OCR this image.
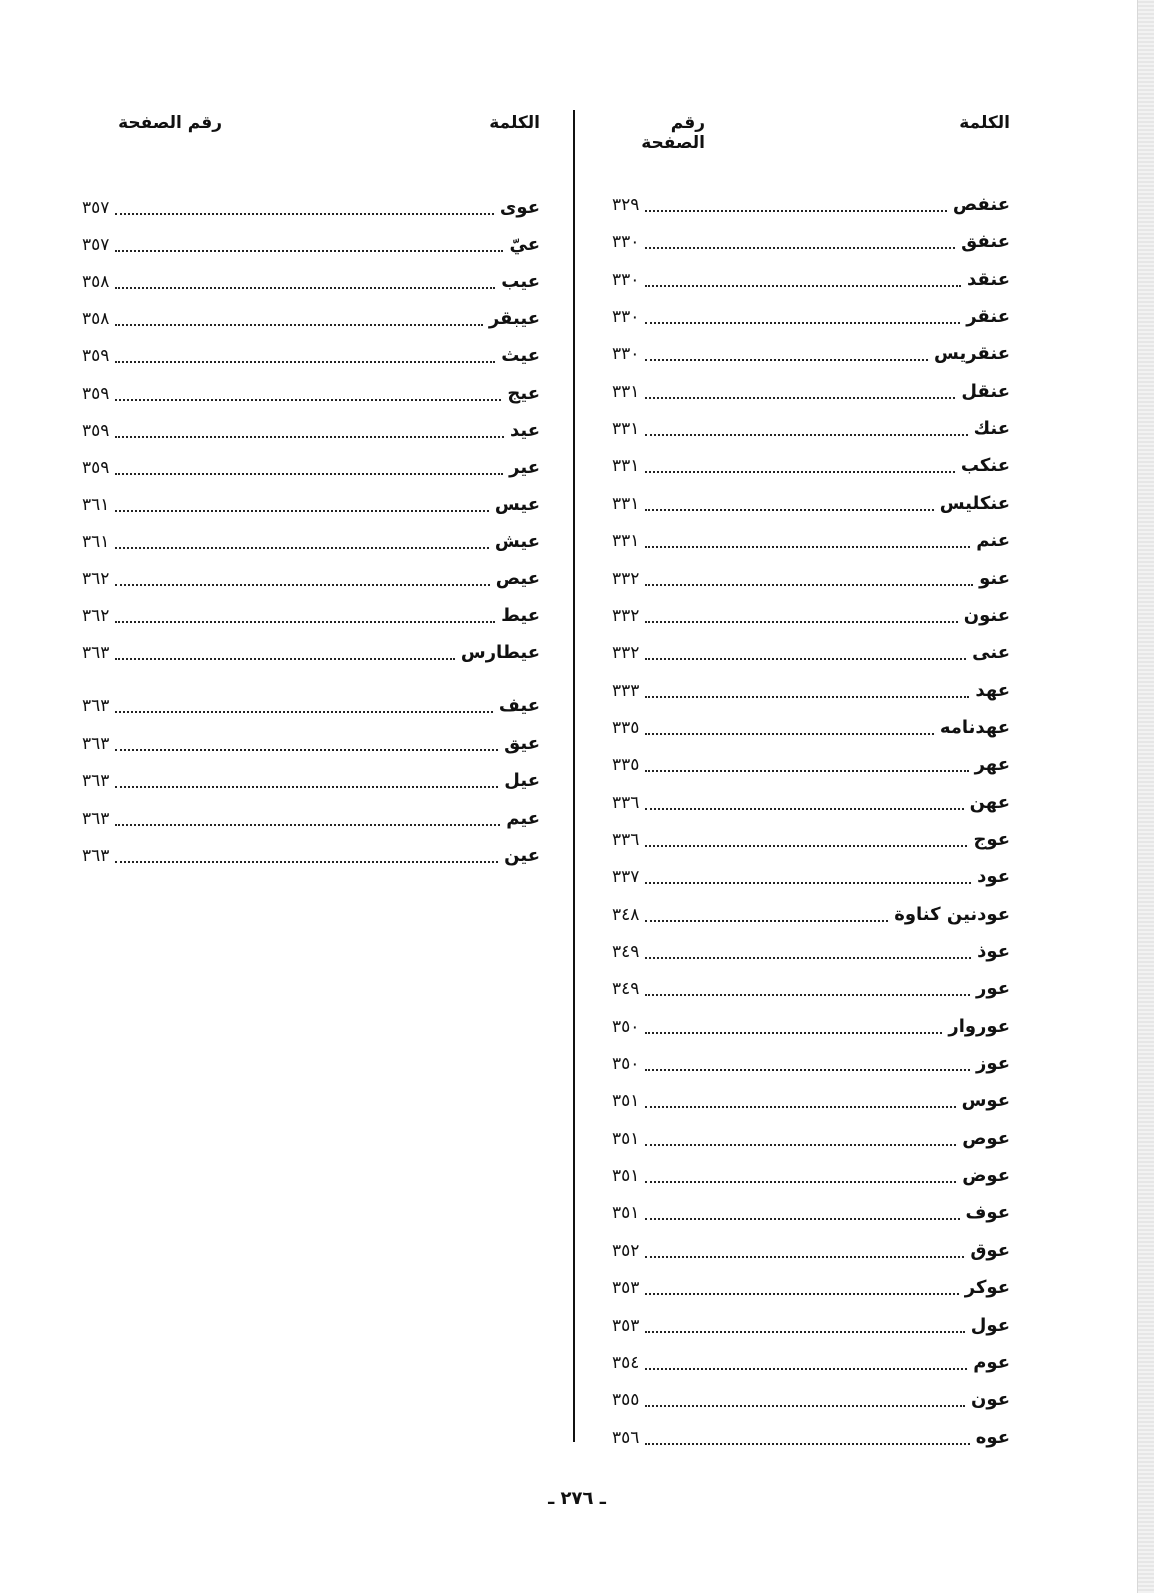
الكلمة
رقم الصفحة
عنفص
٣٢٩
عنفق
٣٣٠
عنقد
٣٣٠
عنقر
٣٣٠
عنقريس
٣٣٠
عنقل
٣٣١
عنك
٣٣١
عنكب
٣٣١
عنكليس
٣٣١
عنم
٣٣١
عنو
٣٣٢
عنون
٣٣٢
عنى
٣٣٢
عهد
٣٣٣
عهدنامه
٣٣٥
عهر
٣٣٥
عهن
٣٣٦
عوج
٣٣٦
عود
٣٣٧
عودنين كناوة
٣٤٨
عوذ
٣٤٩
عور
٣٤٩
عوروار
٣٥٠
عوز
٣٥٠
عوس
٣٥١
عوص
٣٥١
عوض
٣٥١
عوف
٣٥١
عوق
٣٥٢
عوكر
٣٥٣
عول
٣٥٣
عوم
٣٥٤
عون
٣٥٥
عوه
٣٥٦
الكلمة
رقم الصفحة
عوى
٣٥٧
عيّ
٣٥٧
عيب
٣٥٨
عيبقر
٣٥٨
عيث
٣٥٩
عيج
٣٥٩
عيد
٣٥٩
عير
٣٥٩
عيس
٣٦١
عيش
٣٦١
عيص
٣٦٢
عيط
٣٦٢
عيطارس
٣٦٣
عيف
٣٦٣
عيق
٣٦٣
عيل
٣٦٣
عيم
٣٦٣
عين
٣٦٣
ـ ٢٧٦ ـ
